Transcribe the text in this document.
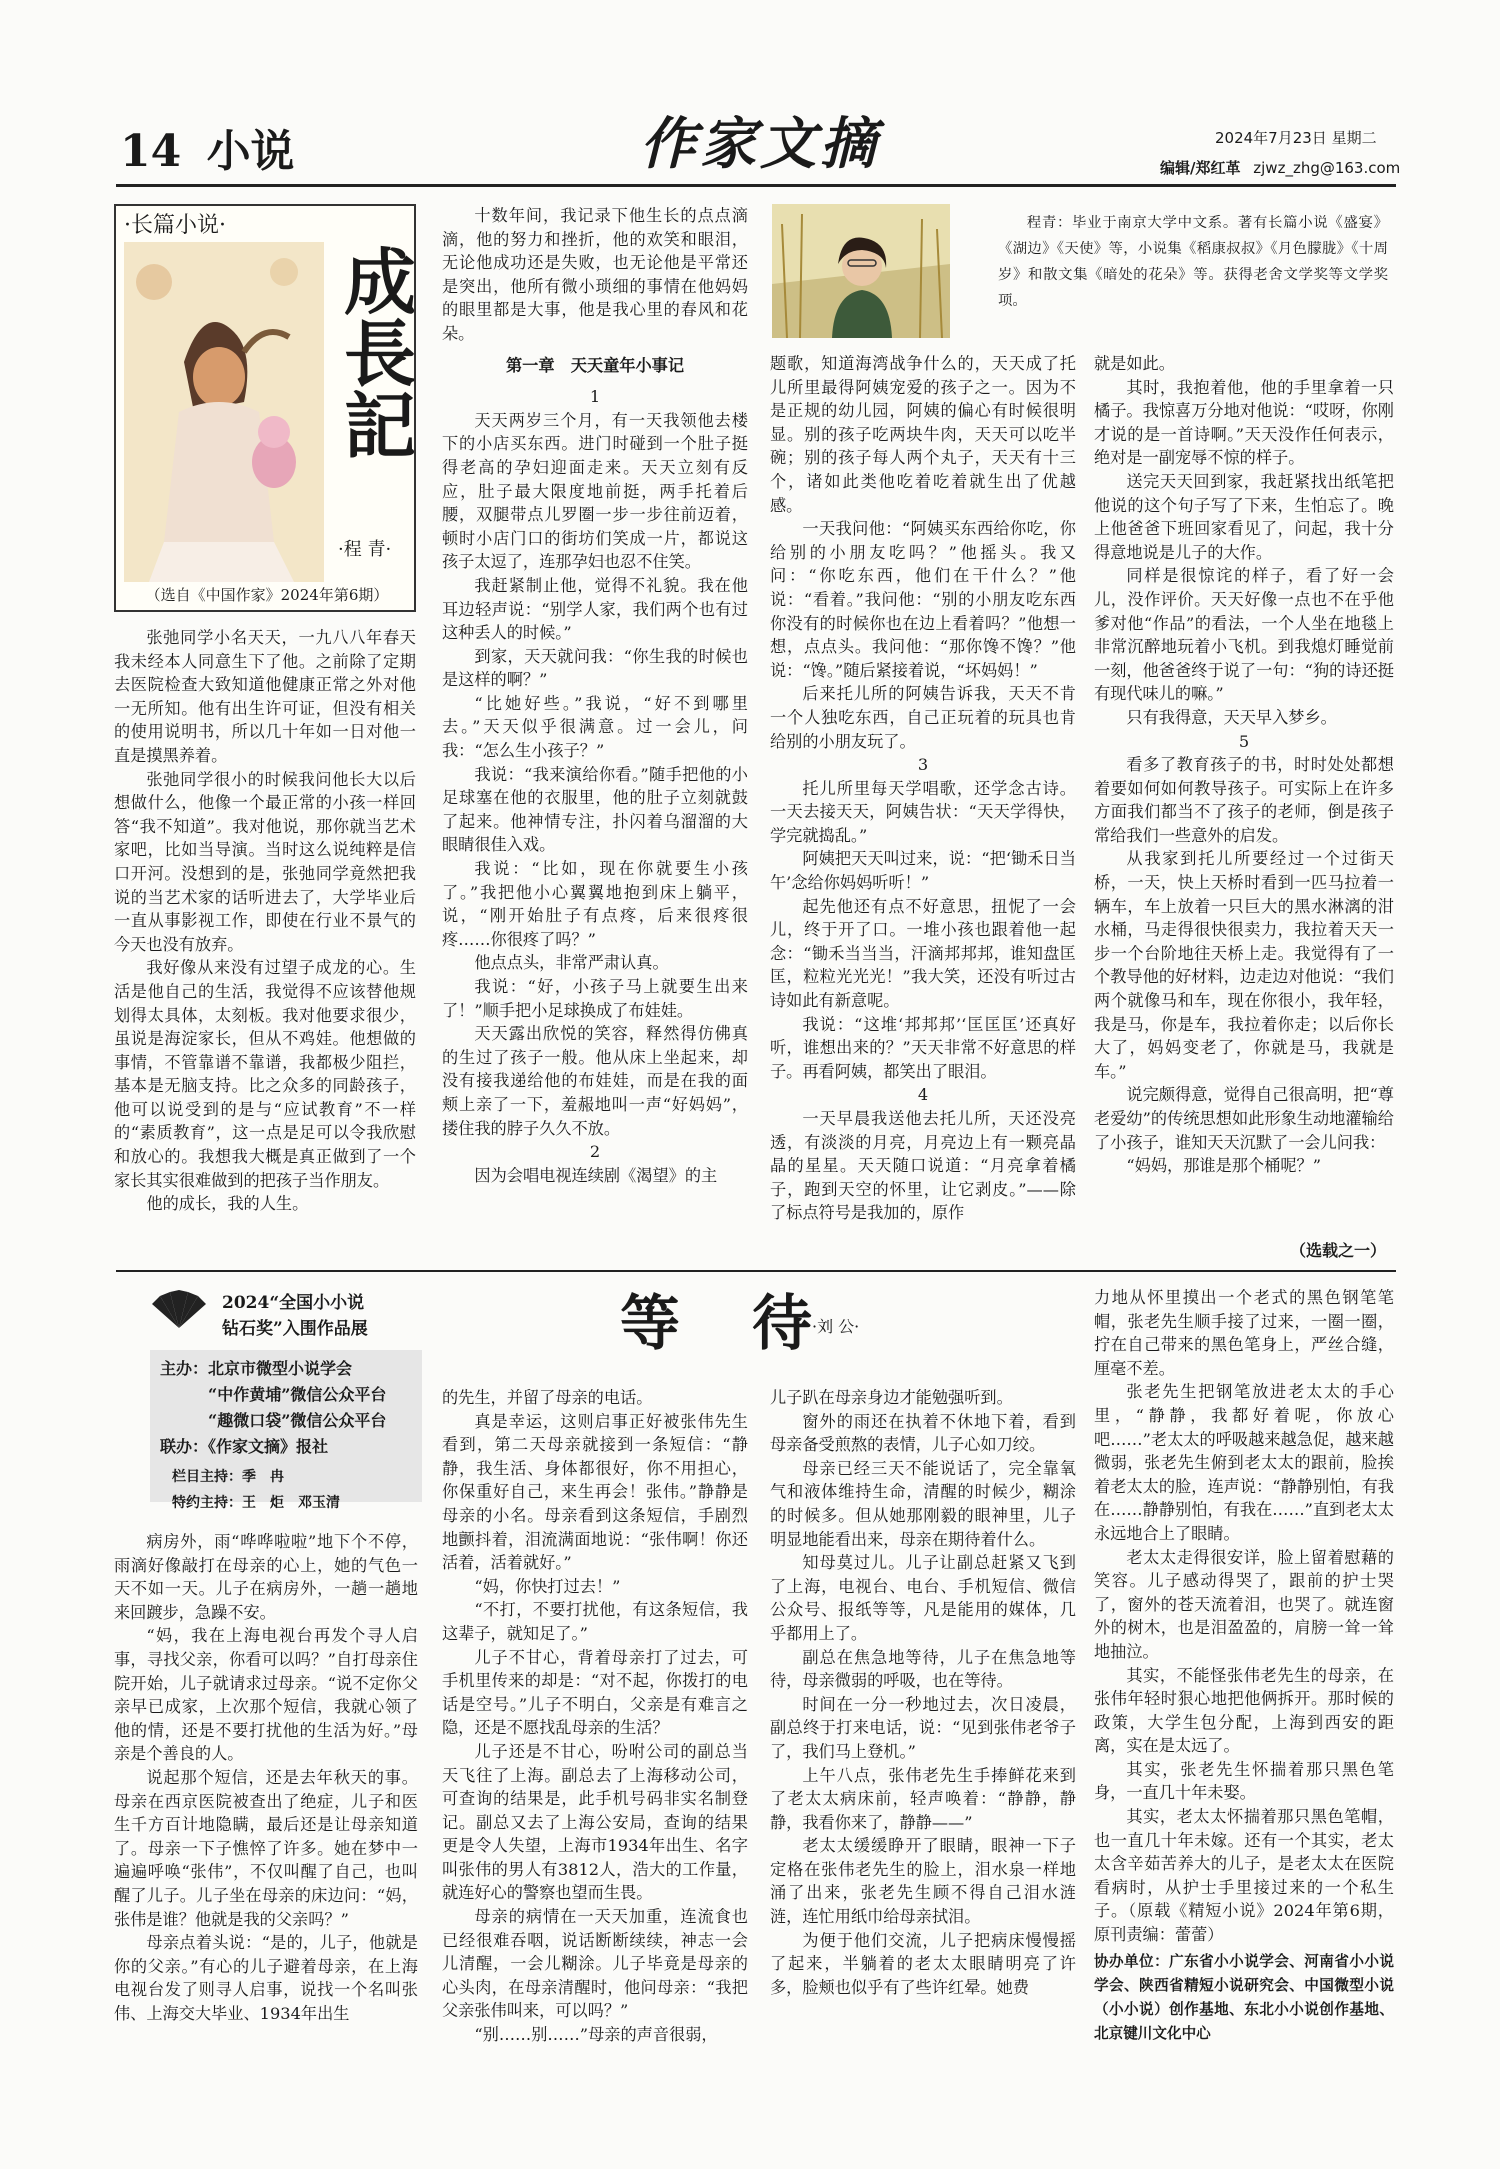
14 小说	作家文摘	2024年7月23日 星期二
编辑/郑红革 zjwz_zhg@163.com
·长篇小说·
成長記
·程 青·
（选自《中国作家》2024年第6期）
程青：毕业于南京大学中文系。著有长篇小说《盛宴》《湖边》《天使》等，小说集《稻康叔叔》《月色朦胧》《十周岁》和散文集《暗处的花朵》等。获得老舍文学奖等文学奖项。

张弛同学小名天天，一九八八年春天我未经本人同意生下了他。之前除了定期去医院检查大致知道他健康正常之外对他一无所知。他有出生许可证，但没有相关的使用说明书，所以几十年如一日对他一直是摸黑养着。

张弛同学很小的时候我问他长大以后想做什么，他像一个最正常的小孩一样回答“我不知道”。我对他说，那你就当艺术家吧，比如当导演。当时这么说纯粹是信口开河。没想到的是，张弛同学竟然把我说的当艺术家的话听进去了，大学毕业后一直从事影视工作，即使在行业不景气的今天也没有放弃。

我好像从来没有过望子成龙的心。生活是他自己的生活，我觉得不应该替他规划得太具体，太刻板。我对他要求很少，虽说是海淀家长，但从不鸡娃。他想做的事情，不管靠谱不靠谱，我都极少阻拦，基本是无脑支持。比之众多的同龄孩子，他可以说受到的是与“应试教育”不一样的“素质教育”，这一点是足可以令我欣慰和放心的。我想我大概是真正做到了一个家长其实很难做到的把孩子当作朋友。

他的成长，我的人生。

十数年间，我记录下他生长的点点滴滴，他的努力和挫折，他的欢笑和眼泪，无论他成功还是失败，也无论他是平常还是突出，他所有微小琐细的事情在他妈妈的眼里都是大事，他是我心里的春风和花朵。

第一章　天天童年小事记
1

天天两岁三个月，有一天我领他去楼下的小店买东西。进门时碰到一个肚子挺得老高的孕妇迎面走来。天天立刻有反应，肚子最大限度地前挺，两手托着后腰，双腿带点儿罗圈一步一步往前迈着，顿时小店门口的街坊们笑成一片，都说这孩子太逗了，连那孕妇也忍不住笑。

我赶紧制止他，觉得不礼貌。我在他耳边轻声说：“别学人家，我们两个也有过这种丢人的时候。”

到家，天天就问我：“你生我的时候也是这样的啊？”

“比她好些。”我说，“好不到哪里去。”天天似乎很满意。过一会儿，问我：“怎么生小孩子？”

我说：“我来演给你看。”随手把他的小足球塞在他的衣服里，他的肚子立刻就鼓了起来。他神情专注，扑闪着乌溜溜的大眼睛很佳入戏。

我说：“比如，现在你就要生小孩了。”我把他小心翼翼地抱到床上躺平，说，“刚开始肚子有点疼，后来很疼很疼……你很疼了吗？”

他点点头，非常严肃认真。

我说：“好，小孩子马上就要生出来了！”顺手把小足球换成了布娃娃。

天天露出欣悦的笑容，释然得仿佛真的生过了孩子一般。他从床上坐起来，却没有接我递给他的布娃娃，而是在我的面颊上亲了一下，羞赧地叫一声“好妈妈”，搂住我的脖子久久不放。

2

因为会唱电视连续剧《渴望》的主

题歌，知道海湾战争什么的，天天成了托儿所里最得阿姨宠爱的孩子之一。因为不是正规的幼儿园，阿姨的偏心有时候很明显。别的孩子吃两块牛肉，天天可以吃半碗；别的孩子每人两个丸子，天天有十三个，诸如此类他吃着吃着就生出了优越感。

一天我问他：“阿姨买东西给你吃，你给别的小朋友吃吗？”他摇头。我又问：“你吃东西，他们在干什么？”他说：“看着。”我问他：“别的小朋友吃东西你没有的时候你也在边上看着吗？”他想一想，点点头。我问他：“那你馋不馋？”他说：“馋。”随后紧接着说，“坏妈妈！”

后来托儿所的阿姨告诉我，天天不肯一个人独吃东西，自己正玩着的玩具也肯给别的小朋友玩了。

3

托儿所里每天学唱歌，还学念古诗。一天去接天天，阿姨告状：“天天学得快，学完就捣乱。”

阿姨把天天叫过来，说：“把‘锄禾日当午’念给你妈妈听听！”

起先他还有点不好意思，扭怩了一会儿，终于开了口。一堆小孩也跟着他一起念：“锄禾当当当，汗滴邦邦邦，谁知盘匡匡，粒粒光光光！”我大笑，还没有听过古诗如此有新意呢。

我说：“这堆‘邦邦邦’‘匡匡匡’还真好听，谁想出来的？”天天非常不好意思的样子。再看阿姨，都笑出了眼泪。

4

一天早晨我送他去托儿所，天还没亮透，有淡淡的月亮，月亮边上有一颗亮晶晶的星星。天天随口说道：“月亮拿着橘子，跑到天空的怀里，让它剥皮。”——除了标点符号是我加的，原作

就是如此。

其时，我抱着他，他的手里拿着一只橘子。我惊喜万分地对他说：“哎呀，你刚才说的是一首诗啊。”天天没作任何表示，绝对是一副宠辱不惊的样子。

送完天天回到家，我赶紧找出纸笔把他说的这个句子写了下来，生怕忘了。晚上他爸爸下班回家看见了，问起，我十分得意地说是儿子的大作。

同样是很惊诧的样子，看了好一会儿，没作评价。天天好像一点也不在乎他爹对他“作品”的看法，一个人坐在地毯上非常沉醉地玩着小飞机。到我熄灯睡觉前一刻，他爸爸终于说了一句：“狗的诗还挺有现代味儿的嘛。”

只有我得意，天天早入梦乡。

5

看多了教育孩子的书，时时处处都想着要如何如何教导孩子。可实际上在许多方面我们都当不了孩子的老师，倒是孩子常给我们一些意外的启发。

从我家到托儿所要经过一个过街天桥，一天，快上天桥时看到一匹马拉着一辆车，车上放着一只巨大的黑水淋漓的泔水桶，马走得很快很卖力，我拉着天天一步一个台阶地往天桥上走。我觉得有了一个教导他的好材料，边走边对他说：“我们两个就像马和车，现在你很小，我年轻，我是马，你是车，我拉着你走；以后你长大了，妈妈变老了，你就是马，我就是车。”

说完颇得意，觉得自己很高明，把“尊老爱幼”的传统思想如此形象生动地灌输给了小孩子，谁知天天沉默了一会儿问我：

“妈妈，那谁是那个桶呢？”

（选载之一）
2024“全国小小说
钻石奖”入围作品展
主办：北京市微型小说学会
“中作黄埔”微信公众平台
“趣微口袋”微信公众平台
联办：《作家文摘》报社
栏目主持：季　冉
特约主持：王　炬　邓玉清
等　待
·刘 公·

病房外，雨“哗哗啦啦”地下个不停，雨滴好像敲打在母亲的心上，她的气色一天不如一天。儿子在病房外，一趟一趟地来回踱步，急躁不安。

“妈，我在上海电视台再发个寻人启事，寻找父亲，你看可以吗？”自打母亲住院开始，儿子就请求过母亲。“说不定你父亲早已成家，上次那个短信，我就心领了他的情，还是不要打扰他的生活为好。”母亲是个善良的人。

说起那个短信，还是去年秋天的事。母亲在西京医院被查出了绝症，儿子和医生千方百计地隐瞒，最后还是让母亲知道了。母亲一下子憔悴了许多。她在梦中一遍遍呼唤“张伟”，不仅叫醒了自己，也叫醒了儿子。儿子坐在母亲的床边问：“妈，张伟是谁？他就是我的父亲吗？”

母亲点着头说：“是的，儿子，他就是你的父亲。”有心的儿子避着母亲，在上海电视台发了则寻人启事，说找一个名叫张伟、上海交大毕业、1934年出生

的先生，并留了母亲的电话。

真是幸运，这则启事正好被张伟先生看到，第二天母亲就接到一条短信：“静静，我生活、身体都很好，你不用担心，你保重好自己，来生再会！张伟。”静静是母亲的小名。母亲看到这条短信，手剧烈地颤抖着，泪流满面地说：“张伟啊！你还活着，活着就好。”

“妈，你快打过去！”

“不打，不要打扰他，有这条短信，我这辈子，就知足了。”

儿子不甘心，背着母亲打了过去，可手机里传来的却是：“对不起，你拨打的电话是空号。”儿子不明白，父亲是有难言之隐，还是不愿找乱母亲的生活？

儿子还是不甘心，吩咐公司的副总当天飞往了上海。副总去了上海移动公司，可查询的结果是，此手机号码非实名制登记。副总又去了上海公安局，查询的结果更是令人失望，上海市1934年出生、名字叫张伟的男人有3812人，浩大的工作量，就连好心的警察也望而生畏。

母亲的病情在一天天加重，连流食也已经很难吞咽，说话断断续续，神志一会儿清醒，一会儿糊涂。儿子毕竟是母亲的心头肉，在母亲清醒时，他问母亲：“我把父亲张伟叫来，可以吗？”

“别……别……”母亲的声音很弱，

儿子趴在母亲身边才能勉强听到。

窗外的雨还在执着不休地下着，看到母亲备受煎熬的表情，儿子心如刀绞。

母亲已经三天不能说话了，完全靠氧气和液体维持生命，清醒的时候少，糊涂的时候多。但从她那刚毅的眼神里，儿子明显地能看出来，母亲在期待着什么。

知母莫过儿。儿子让副总赶紧又飞到了上海，电视台、电台、手机短信、微信公众号、报纸等等，凡是能用的媒体，几乎都用上了。

副总在焦急地等待，儿子在焦急地等待，母亲微弱的呼吸，也在等待。

时间在一分一秒地过去，次日凌晨，副总终于打来电话，说：“见到张伟老爷子了，我们马上登机。”

上午八点，张伟老先生手捧鲜花来到了老太太病床前，轻声唤着：“静静，静静，我看你来了，静静——”

老太太缓缓睁开了眼睛，眼神一下子定格在张伟老先生的脸上，泪水泉一样地涌了出来，张老先生顾不得自己泪水涟涟，连忙用纸巾给母亲拭泪。

为便于他们交流，儿子把病床慢慢摇了起来，半躺着的老太太眼睛明亮了许多，脸颊也似乎有了些许红晕。她费

力地从怀里摸出一个老式的黑色钢笔笔帽，张老先生顺手接了过来，一圈一圈，拧在自己带来的黑色笔身上，严丝合缝，厘毫不差。

张老先生把钢笔放进老太太的手心里，“静静，我都好着呢，你放心吧……”老太太的呼吸越来越急促，越来越微弱，张老先生俯到老太太的跟前，脸挨着老太太的脸，连声说：“静静别怕，有我在……静静别怕，有我在……”直到老太太永远地合上了眼睛。

老太太走得很安详，脸上留着慰藉的笑容。儿子感动得哭了，跟前的护士哭了，窗外的苍天流着泪，也哭了。就连窗外的树木，也是泪盈盈的，肩膀一耸一耸地抽泣。

其实，不能怪张伟老先生的母亲，在张伟年轻时狠心地把他俩拆开。那时候的政策，大学生包分配，上海到西安的距离，实在是太远了。

其实，张老先生怀揣着那只黑色笔身，一直几十年未娶。

其实，老太太怀揣着那只黑色笔帽，也一直几十年未嫁。还有一个其实，老太太含辛茹苦养大的儿子，是老太太在医院看病时，从护士手里接过来的一个私生子。（原载《精短小说》2024年第6期，原刊责编：蕾蕾）

协办单位：广东省小小说学会、河南省小小说学会、陕西省精短小说研究会、中国微型小说（小小说）创作基地、东北小小说创作基地、北京键川文化中心
